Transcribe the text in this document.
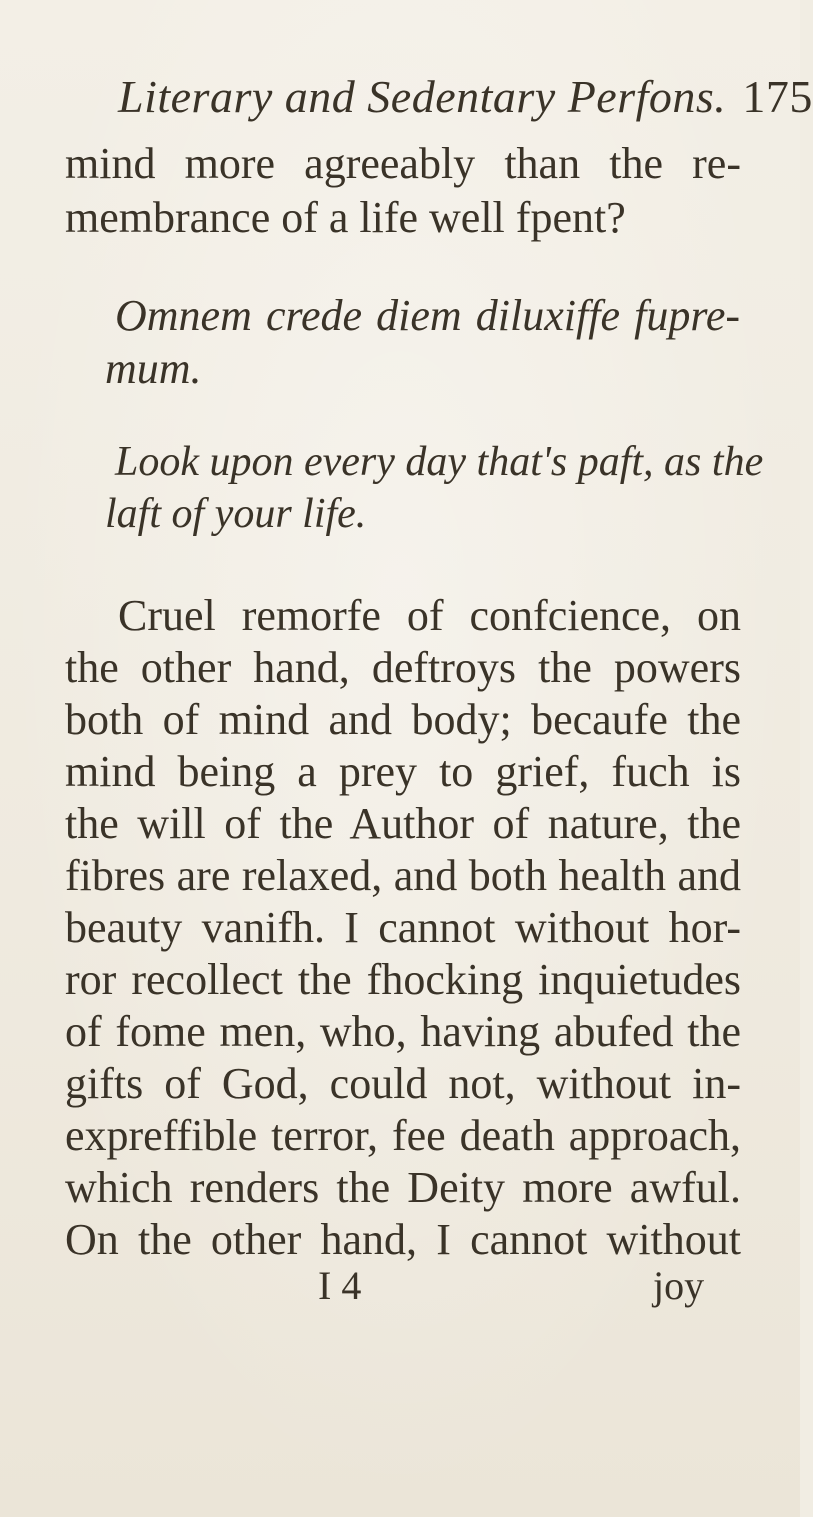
Literary and Sedentary Perfons. 175
mind more agreeably than the re-
membrance of a life well fpent?
Omnem crede diem diluxiffe fupre-
mum.
Look upon every day that's paft, as the
laft of your life.
Cruel remorfe of confcience, on
the other hand, deftroys the powers
both of mind and body; becaufe the
mind being a prey to grief, fuch is
the will of the Author of nature, the
fibres are relaxed, and both health and
beauty vanifh. I cannot without hor-
ror recollect the fhocking inquietudes
of fome men, who, having abufed the
gifts of God, could not, without in-
expreffible terror, fee death approach,
which renders the Deity more awful.
On the other hand, I cannot without
I 4	joy
